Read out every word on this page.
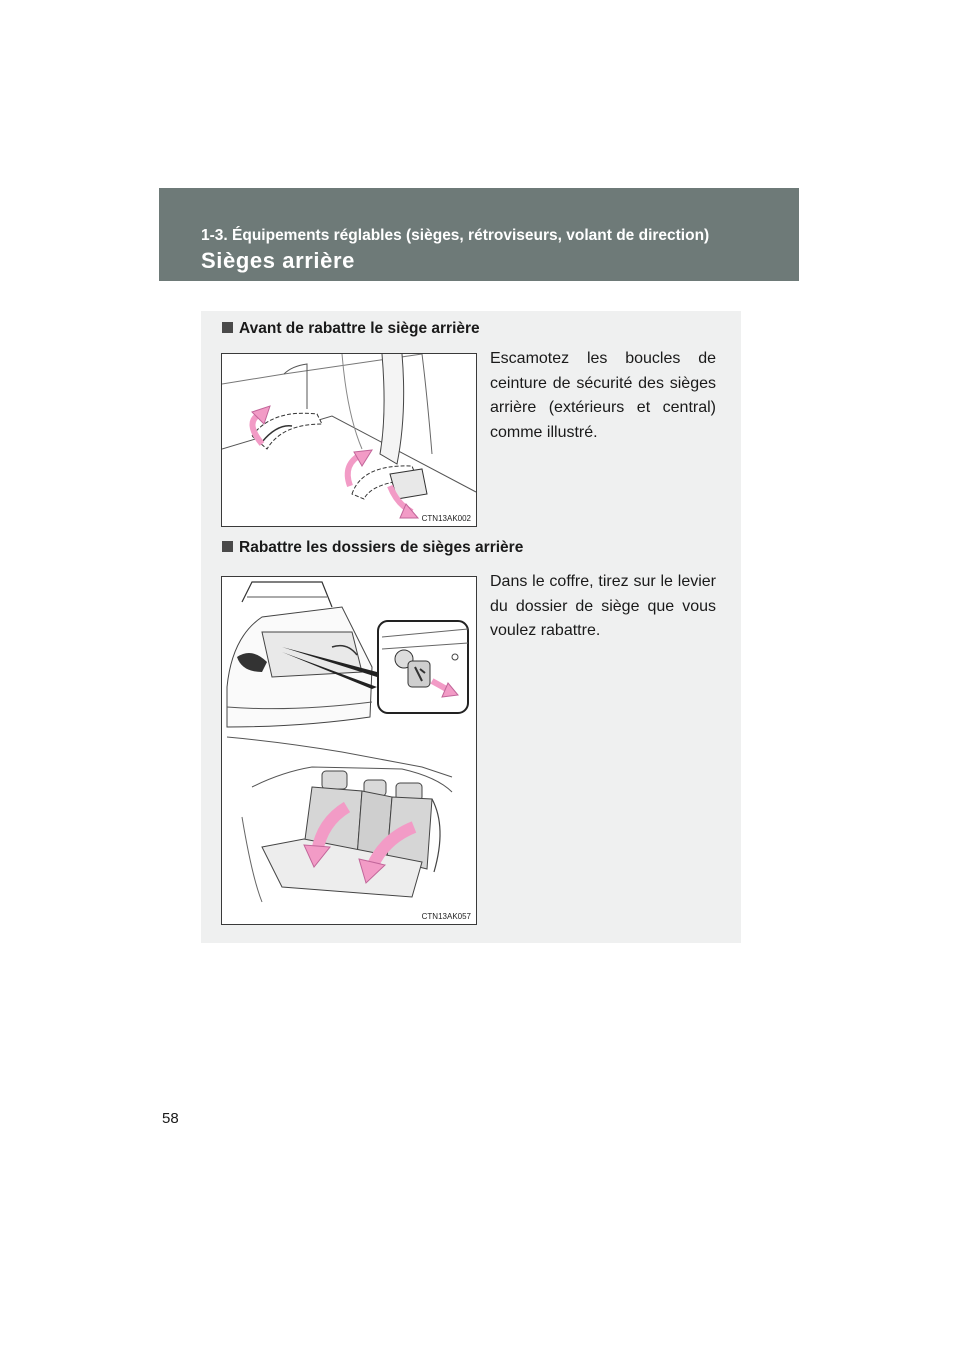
1-3. Équipements réglables (sièges, rétroviseurs, volant de direction)
Sièges arrière
Avant de rabattre le siège arrière
CTN13AK002
Escamotez les boucles de ceinture de sécurité des sièges arrière (extérieurs et central) comme illustré.
Rabattre les dossiers de sièges arrière
CTN13AK057
Dans le coffre, tirez sur le levier du dossier de siège que vous voulez rabattre.
58
